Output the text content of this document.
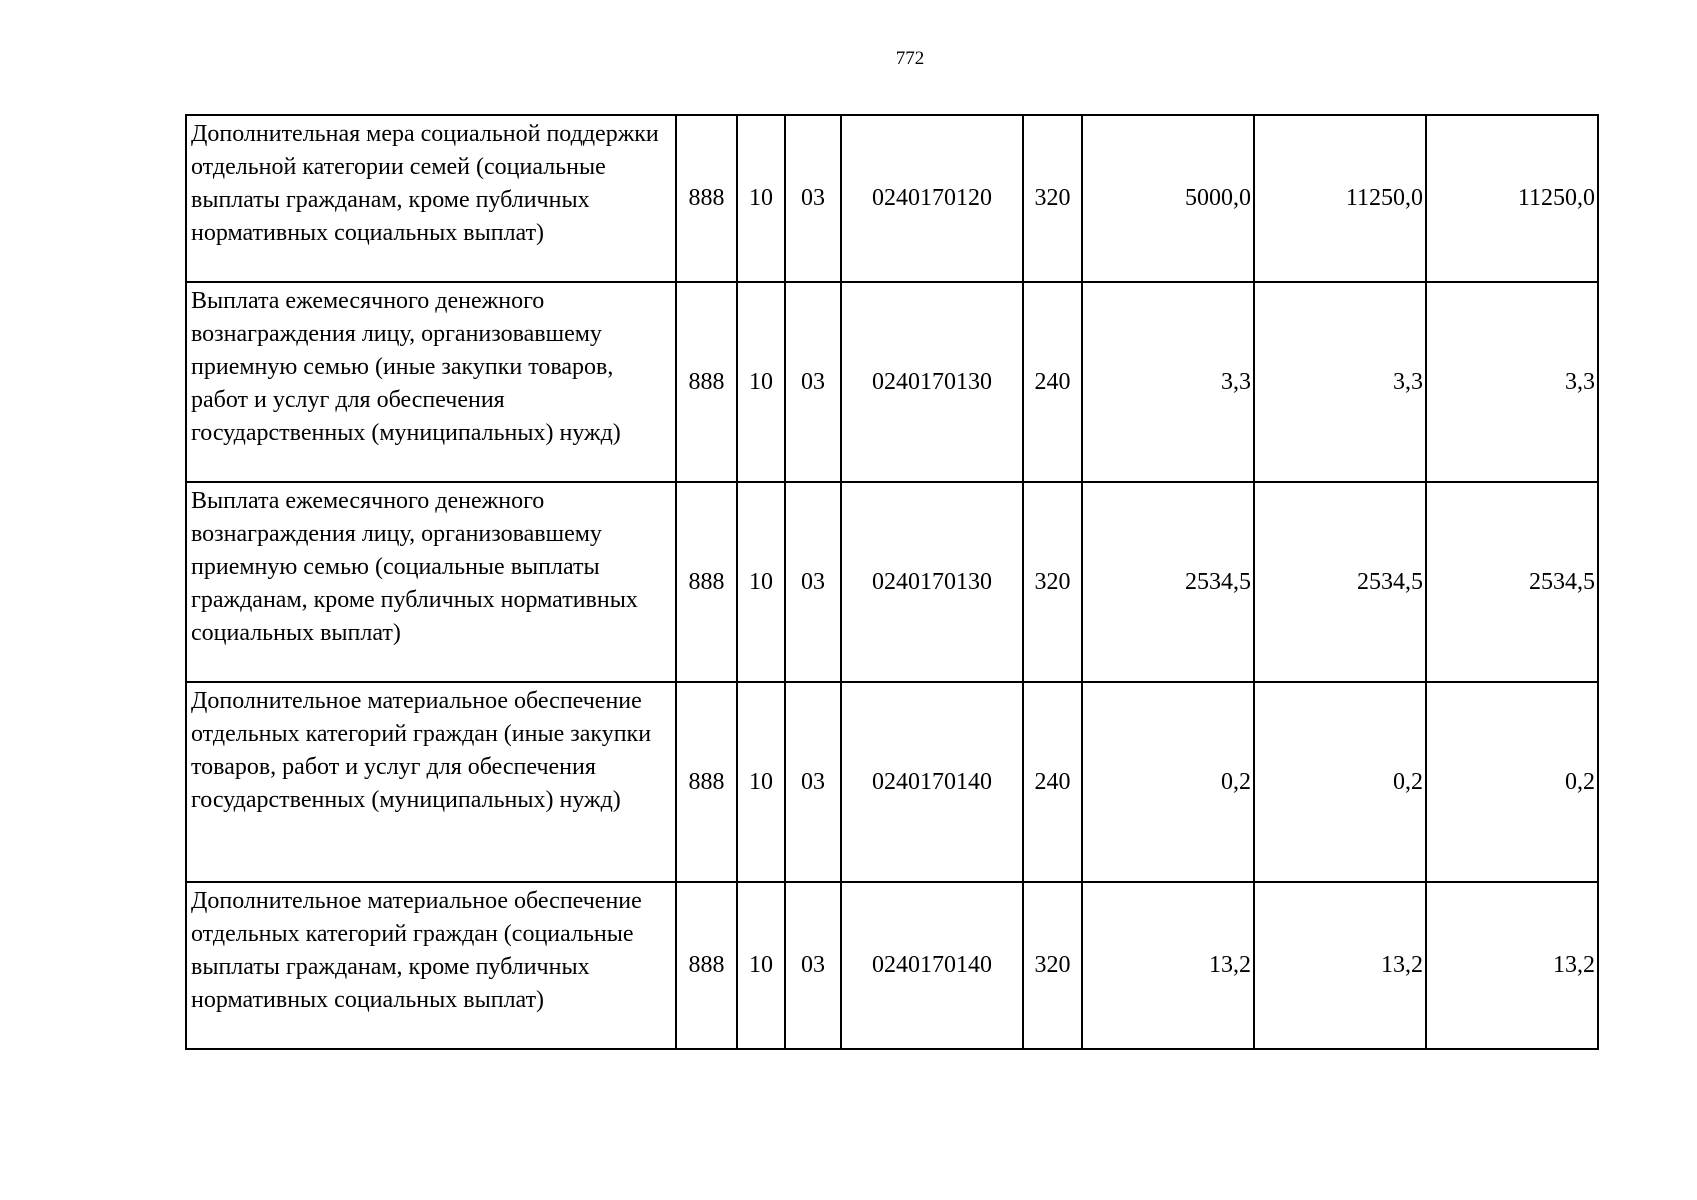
772
Дополнительная мера социальной поддержки отдельной категории семей (социальные выплаты гражданам, кроме публичных нормативных социальных выплат)	888	10	03	0240170120	320	5000,0	11250,0	11250,0
Выплата ежемесячного денежного вознаграждения лицу, организовавшему приемную семью (иные закупки товаров, работ и услуг для обеспечения государственных (муниципальных) нужд)	888	10	03	0240170130	240	3,3	3,3	3,3
Выплата ежемесячного денежного вознаграждения лицу, организовавшему приемную семью (социальные выплаты гражданам, кроме публичных нормативных социальных выплат)	888	10	03	0240170130	320	2534,5	2534,5	2534,5
Дополнительное материальное обеспечение отдельных категорий граждан (иные закупки товаров, работ и услуг для обеспечения государственных (муниципальных) нужд)	888	10	03	0240170140	240	0,2	0,2	0,2
Дополнительное материальное обеспечение отдельных категорий граждан (социальные выплаты гражданам, кроме публичных нормативных социальных выплат)	888	10	03	0240170140	320	13,2	13,2	13,2
